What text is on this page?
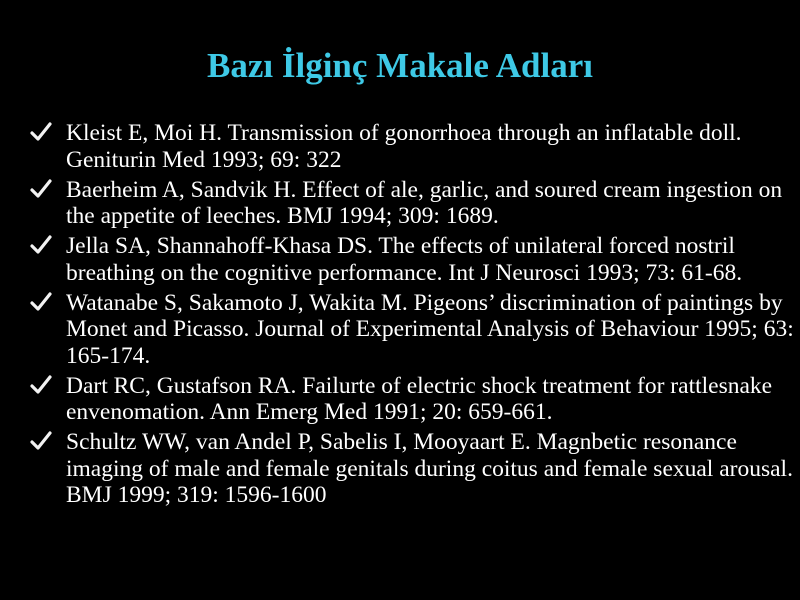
Bazı İlginç Makale Adları
Kleist E, Moi H. Transmission of gonorrhoea through an inflatable doll. Geniturin Med 1993; 69: 322
Baerheim A, Sandvik H. Effect of ale, garlic, and soured cream ingestion on the appetite of leeches. BMJ 1994; 309: 1689.
Jella SA, Shannahoff-Khasa DS. The effects of unilateral forced nostril breathing on the cognitive performance. Int J Neurosci 1993; 73: 61-68.
Watanabe S, Sakamoto J, Wakita M. Pigeons’ discrimination of paintings by Monet and Picasso. Journal of Experimental Analysis of Behaviour 1995; 63: 165-174.
Dart RC, Gustafson RA. Failurte of electric shock treatment for rattlesnake envenomation. Ann Emerg Med 1991; 20: 659-661.
Schultz WW, van Andel P, Sabelis I, Mooyaart E. Magnbetic resonance imaging of male and female genitals during coitus and female sexual arousal. BMJ 1999; 319: 1596-1600
